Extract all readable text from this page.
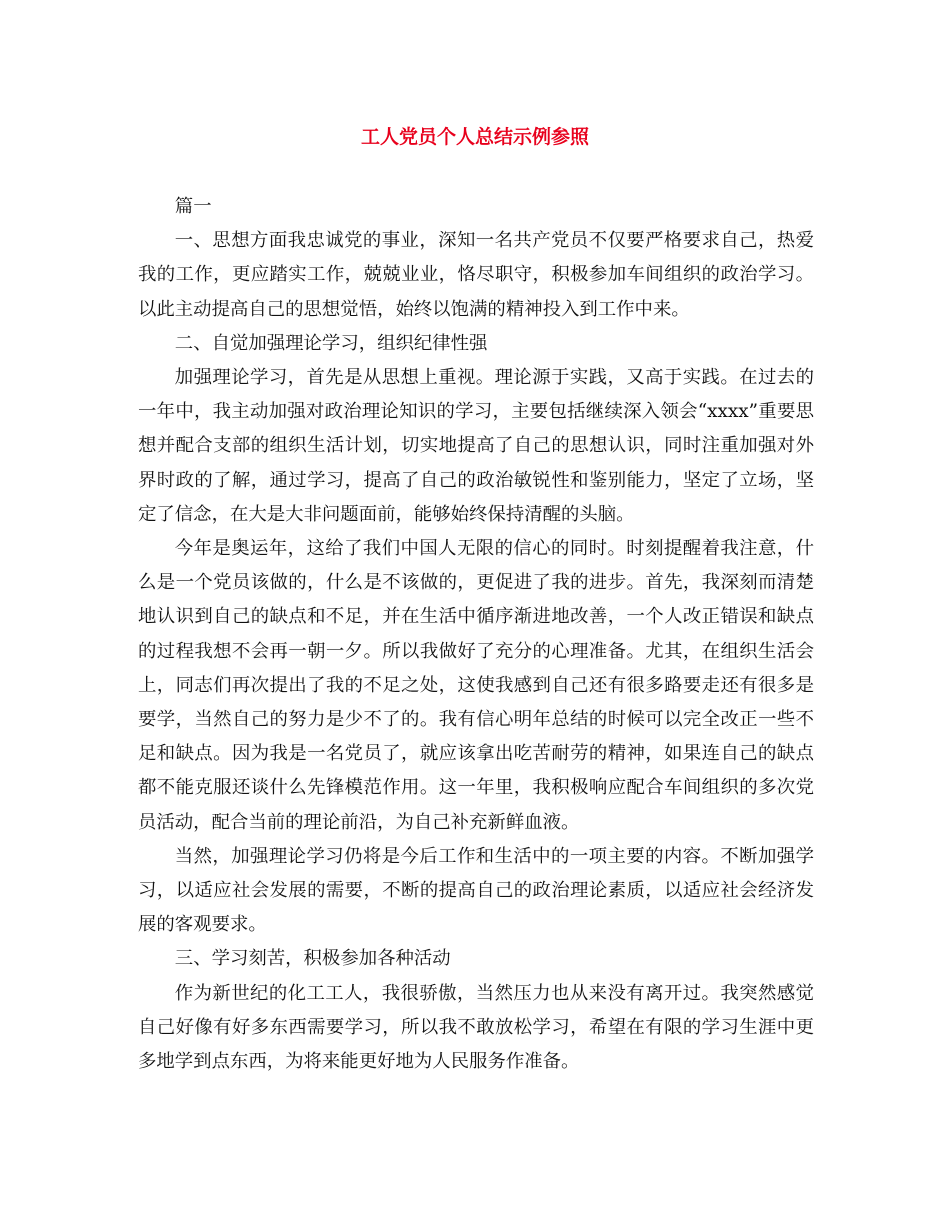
工人党员个人总结示例参照

篇一

一、思想方面我忠诚党的事业，深知一名共产党员不仅要严格要求自己，热爱我的工作，更应踏实工作，兢兢业业，恪尽职守，积极参加车间组织的政治学习。以此主动提高自己的思想觉悟，始终以饱满的精神投入到工作中来。

二、自觉加强理论学习，组织纪律性强

加强理论学习，首先是从思想上重视。理论源于实践，又高于实践。在过去的一年中，我主动加强对政治理论知识的学习，主要包括继续深入领会“xxxx”重要思想并配合支部的组织生活计划，切实地提高了自己的思想认识，同时注重加强对外界时政的了解，通过学习，提高了自己的政治敏锐性和鉴别能力，坚定了立场，坚定了信念，在大是大非问题面前，能够始终保持清醒的头脑。

今年是奥运年，这给了我们中国人无限的信心的同时。时刻提醒着我注意，什么是一个党员该做的，什么是不该做的，更促进了我的进步。首先，我深刻而清楚地认识到自己的缺点和不足，并在生活中循序渐进地改善，一个人改正错误和缺点的过程我想不会再一朝一夕。所以我做好了充分的心理准备。尤其，在组织生活会上，同志们再次提出了我的不足之处，这使我感到自己还有很多路要走还有很多是要学，当然自己的努力是少不了的。我有信心明年总结的时候可以完全改正一些不足和缺点。因为我是一名党员了，就应该拿出吃苦耐劳的精神，如果连自己的缺点都不能克服还谈什么先锋模范作用。这一年里，我积极响应配合车间组织的多次党员活动，配合当前的理论前沿，为自己补充新鲜血液。

当然，加强理论学习仍将是今后工作和生活中的一项主要的内容。不断加强学习，以适应社会发展的需要，不断的提高自己的政治理论素质，以适应社会经济发展的客观要求。

三、学习刻苦，积极参加各种活动

作为新世纪的化工工人，我很骄傲，当然压力也从来没有离开过。我突然感觉自己好像有好多东西需要学习，所以我不敢放松学习，希望在有限的学习生涯中更多地学到点东西，为将来能更好地为人民服务作准备。
